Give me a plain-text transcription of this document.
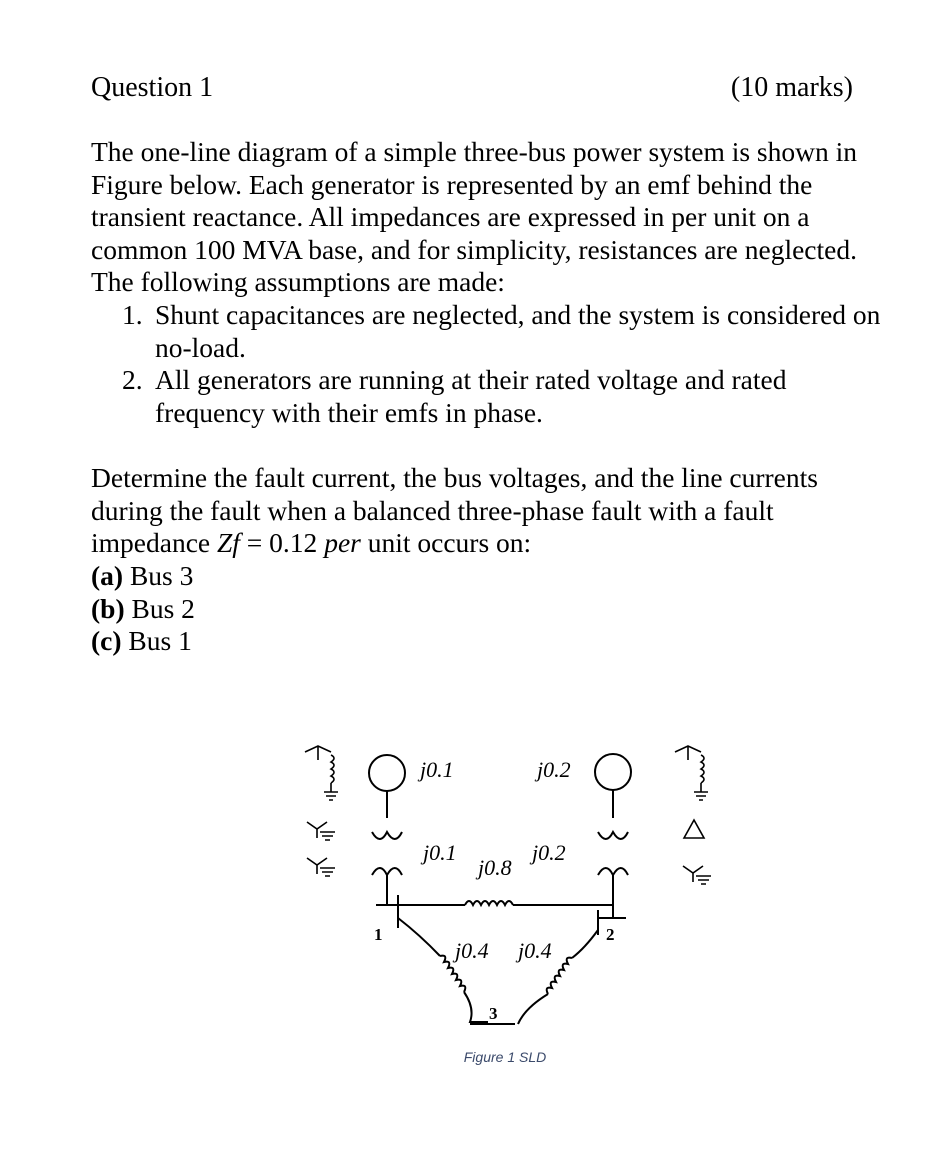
Question 1	(10 marks)
The one-line diagram of a simple three-bus power system is shown in
Figure below. Each generator is represented by an emf behind the
transient reactance. All impedances are expressed in per unit on a
common 100 MVA base, and for simplicity, resistances are neglected.
The following assumptions are made:
1. Shunt capacitances are neglected, and the system is considered on
no-load.
2. All generators are running at their rated voltage and rated
frequency with their emfs in phase.
Determine the fault current, the bus voltages, and the line currents
during the fault when a balanced three-phase fault with a fault
impedance Zf = 0.12 per unit occurs on:
(a) Bus 3
(b) Bus 2
(c) Bus 1
j0.1	j0.2
j0.1	j0.2
j0.8
j0.4 j0.4
1	2
3
Figure 1 SLD
